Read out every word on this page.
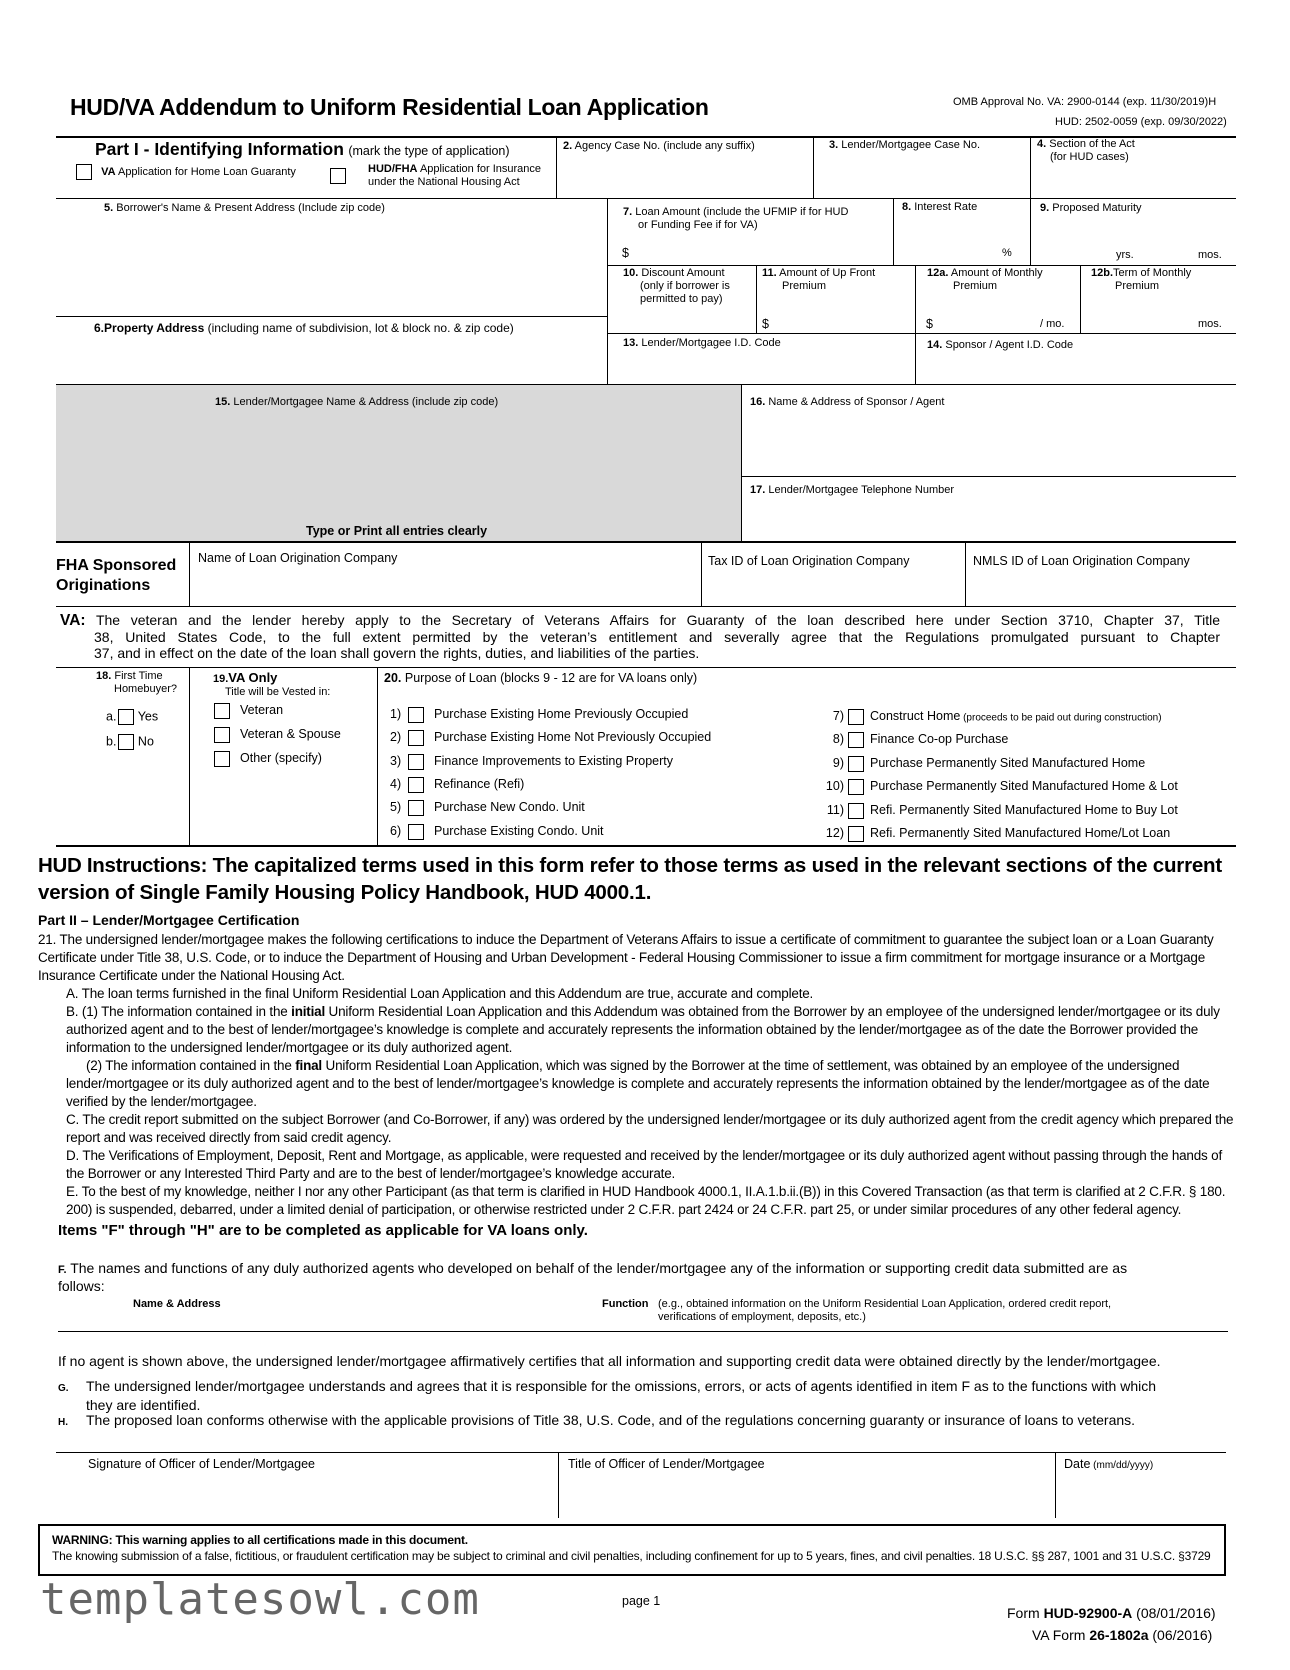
HUD/VA Addendum to Uniform Residential Loan Application	OMB Approval No. VA: 2900-0144 (exp. 11/30/2019)H
HUD: 2502-0059 (exp. 09/30/2022)
Part I - Identifying Information (mark the type of application)
VA Application for Home Loan Guaranty	HUD/FHA Application for Insurance
under the National Housing Act
2. Agency Case No. (include any suffix)	3. Lender/Mortgagee Case No.	4. Section of the Act
(for HUD cases)
5. Borrower's Name & Present Address (Include zip code)	7. Loan Amount (include the UFMIP if for HUD
or Funding Fee if for VA)
$
8. Interest Rate
%
9. Proposed Maturity
yrs.	mos.
10. Discount Amount
(only if borrower is
permitted to pay)
11. Amount of Up Front
Premium
$
12a. Amount of Monthly
Premium
$	/ mo.
12b.Term of Monthly
Premium
mos.
6.Property Address (including name of subdivision, lot & block no. & zip code)
13. Lender/Mortgagee I.D. Code	14. Sponsor / Agent I.D. Code
15. Lender/Mortgagee Name & Address (include zip code)
Type or Print all entries clearly
16. Name & Address of Sponsor / Agent
17. Lender/Mortgagee Telephone Number
FHA Sponsored
Originations
Name of Loan Origination Company	Tax ID of Loan Origination Company	NMLS ID of Loan Origination Company
VA: The veteran and the lender hereby apply to the Secretary of Veterans Affairs for Guaranty of the loan described here under Section 3710, Chapter 37, Title
38, United States Code, to the full extent permitted by the veteran’s entitlement and severally agree that the Regulations promulgated pursuant to Chapter
37, and in effect on the date of the loan shall govern the rights, duties, and liabilities of the parties.
18. First Time
Homebuyer?
a. Yes
b. No
19.VA Only
Title will be Vested in:
Veteran
Veteran & Spouse
Other (specify)
20. Purpose of Loan (blocks 9 - 12 are for VA loans only)
1)	Purchase Existing Home Previously Occupied
2)	Purchase Existing Home Not Previously Occupied
3)	Finance Improvements to Existing Property
4)	Refinance (Refi)
5)	Purchase New Condo. Unit
6)	Purchase Existing Condo. Unit
7) Construct Home (proceeds to be paid out during construction)
8) Finance Co-op Purchase
9) Purchase Permanently Sited Manufactured Home
10) Purchase Permanently Sited Manufactured Home & Lot
11) Refi. Permanently Sited Manufactured Home to Buy Lot
12) Refi. Permanently Sited Manufactured Home/Lot Loan
HUD Instructions: The capitalized terms used in this form refer to those terms as used in the relevant sections of the current
version of Single Family Housing Policy Handbook, HUD 4000.1.
Part II – Lender/Mortgagee Certification
21. The undersigned lender/mortgagee makes the following certifications to induce the Department of Veterans Affairs to issue a certificate of commitment to guarantee the subject loan or a Loan Guaranty
Certificate under Title 38, U.S. Code, or to induce the Department of Housing and Urban Development - Federal Housing Commissioner to issue a firm commitment for mortgage insurance or a Mortgage
Insurance Certificate under the National Housing Act.
A. The loan terms furnished in the final Uniform Residential Loan Application and this Addendum are true, accurate and complete.
B. (1) The information contained in the initial Uniform Residential Loan Application and this Addendum was obtained from the Borrower by an employee of the undersigned lender/mortgagee or its duly
authorized agent and to the best of lender/mortgagee’s knowledge is complete and accurately represents the information obtained by the lender/mortgagee as of the date the Borrower provided the
information to the undersigned lender/mortgagee or its duly authorized agent.
(2) The information contained in the final Uniform Residential Loan Application, which was signed by the Borrower at the time of settlement, was obtained by an employee of the undersigned
lender/mortgagee or its duly authorized agent and to the best of lender/mortgagee’s knowledge is complete and accurately represents the information obtained by the lender/mortgagee as of the date
verified by the lender/mortgagee.
C. The credit report submitted on the subject Borrower (and Co-Borrower, if any) was ordered by the undersigned lender/mortgagee or its duly authorized agent from the credit agency which prepared the
report and was received directly from said credit agency.
D. The Verifications of Employment, Deposit, Rent and Mortgage, as applicable, were requested and received by the lender/mortgagee or its duly authorized agent without passing through the hands of
the Borrower or any Interested Third Party and are to the best of lender/mortgagee’s knowledge accurate.
E. To the best of my knowledge, neither I nor any other Participant (as that term is clarified in HUD Handbook 4000.1, II.A.1.b.ii.(B)) in this Covered Transaction (as that term is clarified at 2 C.F.R. § 180.
200) is suspended, debarred, under a limited denial of participation, or otherwise restricted under 2 C.F.R. part 2424 or 24 C.F.R. part 25, or under similar procedures of any other federal agency.
Items "F" through "H" are to be completed as applicable for VA loans only.
F. The names and functions of any duly authorized agents who developed on behalf of the lender/mortgagee any of the information or supporting credit data submitted are as
follows:
Name & Address	Function (e.g., obtained information on the Uniform Residential Loan Application, ordered credit report,
verifications of employment, deposits, etc.)
If no agent is shown above, the undersigned lender/mortgagee affirmatively certifies that all information and supporting credit data were obtained directly by the lender/mortgagee.
G. The undersigned lender/mortgagee understands and agrees that it is responsible for the omissions, errors, or acts of agents identified in item F as to the functions with which
they are identified.
H. The proposed loan conforms otherwise with the applicable provisions of Title 38, U.S. Code, and of the regulations concerning guaranty or insurance of loans to veterans.
Signature of Officer of Lender/Mortgagee	Title of Officer of Lender/Mortgagee	Date (mm/dd/yyyy)
WARNING: This warning applies to all certifications made in this document.
The knowing submission of a false, fictitious, or fraudulent certification may be subject to criminal and civil penalties, including confinement for up to 5 years, fines, and civil penalties. 18 U.S.C. §§ 287, 1001 and 31 U.S.C. §3729
templatesowl.com	page 1
Form HUD-92900-A (08/01/2016)
VA Form 26-1802a (06/2016)
